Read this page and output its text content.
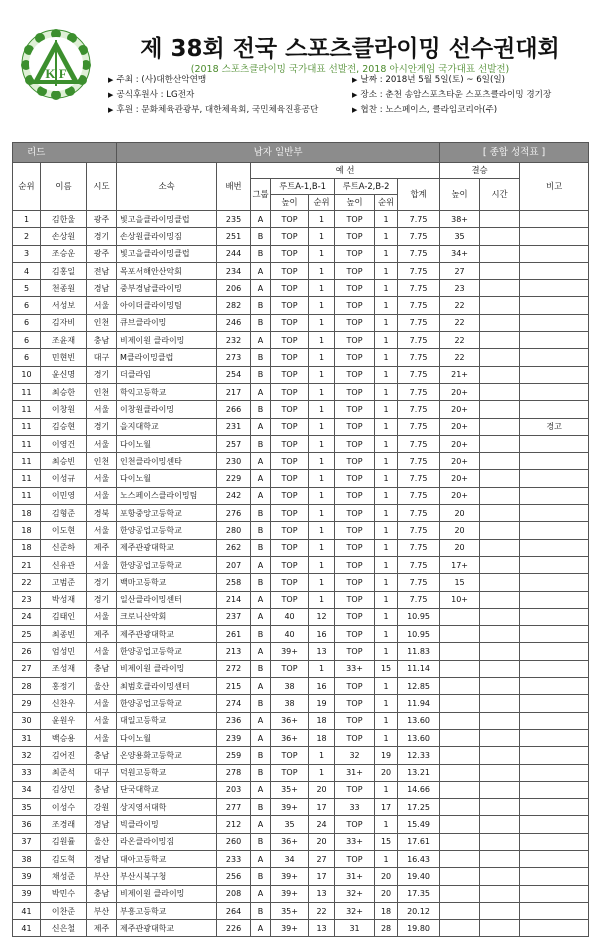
K F
제 38회 전국 스포츠클라이밍 선수권대회
(2018 스포츠클라이밍 국가대표 선발전, 2018 아시안게임 국가대표 선발전)
▶ 주최 : (사)대한산악연맹
▶ 공식후원사 : LG전자
▶ 후원 : 문화체육관광부, 대한체육회, 국민체육진흥공단
▶ 날짜 : 2018년 5월 5일(토) ~ 6일(일)
▶ 장소 : 춘천 송암스포츠타운 스포츠클라이밍 경기장
▶ 협찬 : 노스페이스, 클라임코리아(주)
리드			남자 일반부								[ 종합 성적표 ]		
순위	이름	시도	소속	배번	예 선						결승		비고
					그룹	루트A-1,B-1		루트A-2,B-2		합계	높이	시간	
						높이	순위	높이	순위				
1	김한울	광주	빛고을클라이밍클럽	235	A	TOP	1	TOP	1	7.75	38+		
2	손상원	경기	손상원클라이밍짐	251	B	TOP	1	TOP	1	7.75	35		
3	조승운	광주	빛고을클라이밍클럽	244	B	TOP	1	TOP	1	7.75	34+		
4	김홍일	전남	목포서해안산악회	234	A	TOP	1	TOP	1	7.75	27		
5	천종원	경남	중부경남클라이밍	206	A	TOP	1	TOP	1	7.75	23		
6	서성보	서울	아이더클라이밍팀	282	B	TOP	1	TOP	1	7.75	22		
6	김자비	인천	큐브클라이밍	246	B	TOP	1	TOP	1	7.75	22		
6	조윤재	충남	비제이원 클라이밍	232	A	TOP	1	TOP	1	7.75	22		
6	민현빈	대구	M클라이밍클럽	273	B	TOP	1	TOP	1	7.75	22		
10	윤신명	경기	더클라임	254	B	TOP	1	TOP	1	7.75	21+		
11	최승한	인천	학익고등학교	217	A	TOP	1	TOP	1	7.75	20+		
11	이창원	서울	이창원클라이밍	266	B	TOP	1	TOP	1	7.75	20+		
11	김승현	경기	을지대학교	231	A	TOP	1	TOP	1	7.75	20+		경고
11	이영건	서울	다이노월	257	B	TOP	1	TOP	1	7.75	20+		
11	최승빈	인천	인천클라이밍센타	230	A	TOP	1	TOP	1	7.75	20+		
11	이성규	서울	다이노월	229	A	TOP	1	TOP	1	7.75	20+		
11	이민영	서울	노스페이스클라이밍팀	242	A	TOP	1	TOP	1	7.75	20+		
18	김형준	경북	포항중앙고등학교	276	B	TOP	1	TOP	1	7.75	20		
18	이도현	서울	한양공업고등학교	280	B	TOP	1	TOP	1	7.75	20		
18	신준하	제주	제주관광대학교	262	B	TOP	1	TOP	1	7.75	20		
21	신유관	서울	한양공업고등학교	207	A	TOP	1	TOP	1	7.75	17+		
22	고범준	경기	백마고등학교	258	B	TOP	1	TOP	1	7.75	15		
23	박성재	경기	일산클라이밍센터	214	A	TOP	1	TOP	1	7.75	10+		
24	김태인	서울	크로니산악회	237	A	40	12	TOP	1	10.95			
25	최종빈	제주	제주관광대학교	261	B	40	16	TOP	1	10.95			
26	엄성민	서울	한양공업고등학교	213	A	39+	13	TOP	1	11.83			
27	조성재	충남	비제이원 클라이밍	272	B	TOP	1	33+	15	11.14			
28	홍정기	울산	최범호클라이밍센터	215	A	38	16	TOP	1	12.85			
29	신찬우	서울	한양공업고등학교	274	B	38	19	TOP	1	11.94			
30	윤원우	서울	대일고등학교	236	A	36+	18	TOP	1	13.60			
31	백승용	서울	다이노월	239	A	36+	18	TOP	1	13.60			
32	김어진	충남	온양용화고등학교	259	B	TOP	1	32	19	12.33			
33	최준석	대구	덕원고등학교	278	B	TOP	1	31+	20	13.21			
34	김상민	충남	단국대학교	203	A	35+	20	TOP	1	14.66			
35	이성수	강원	상지영서대학	277	B	39+	17	33	17	17.25			
36	조경래	경남	빅클라이밍	212	A	35	24	TOP	1	15.49			
37	김원률	울산	라온클라이밍짐	260	B	36+	20	33+	15	17.61			
38	김도혁	경남	대아고등학교	233	A	34	27	TOP	1	16.43			
39	채성준	부산	부산시북구청	256	B	39+	17	31+	20	19.40			
39	박민수	충남	비제이원 클라이밍	208	A	39+	13	32+	20	17.35			
41	이찬준	부산	부흥고등학교	264	B	35+	22	32+	18	20.12			
41	신은철	제주	제주관광대학교	226	A	39+	13	31	28	19.80			
